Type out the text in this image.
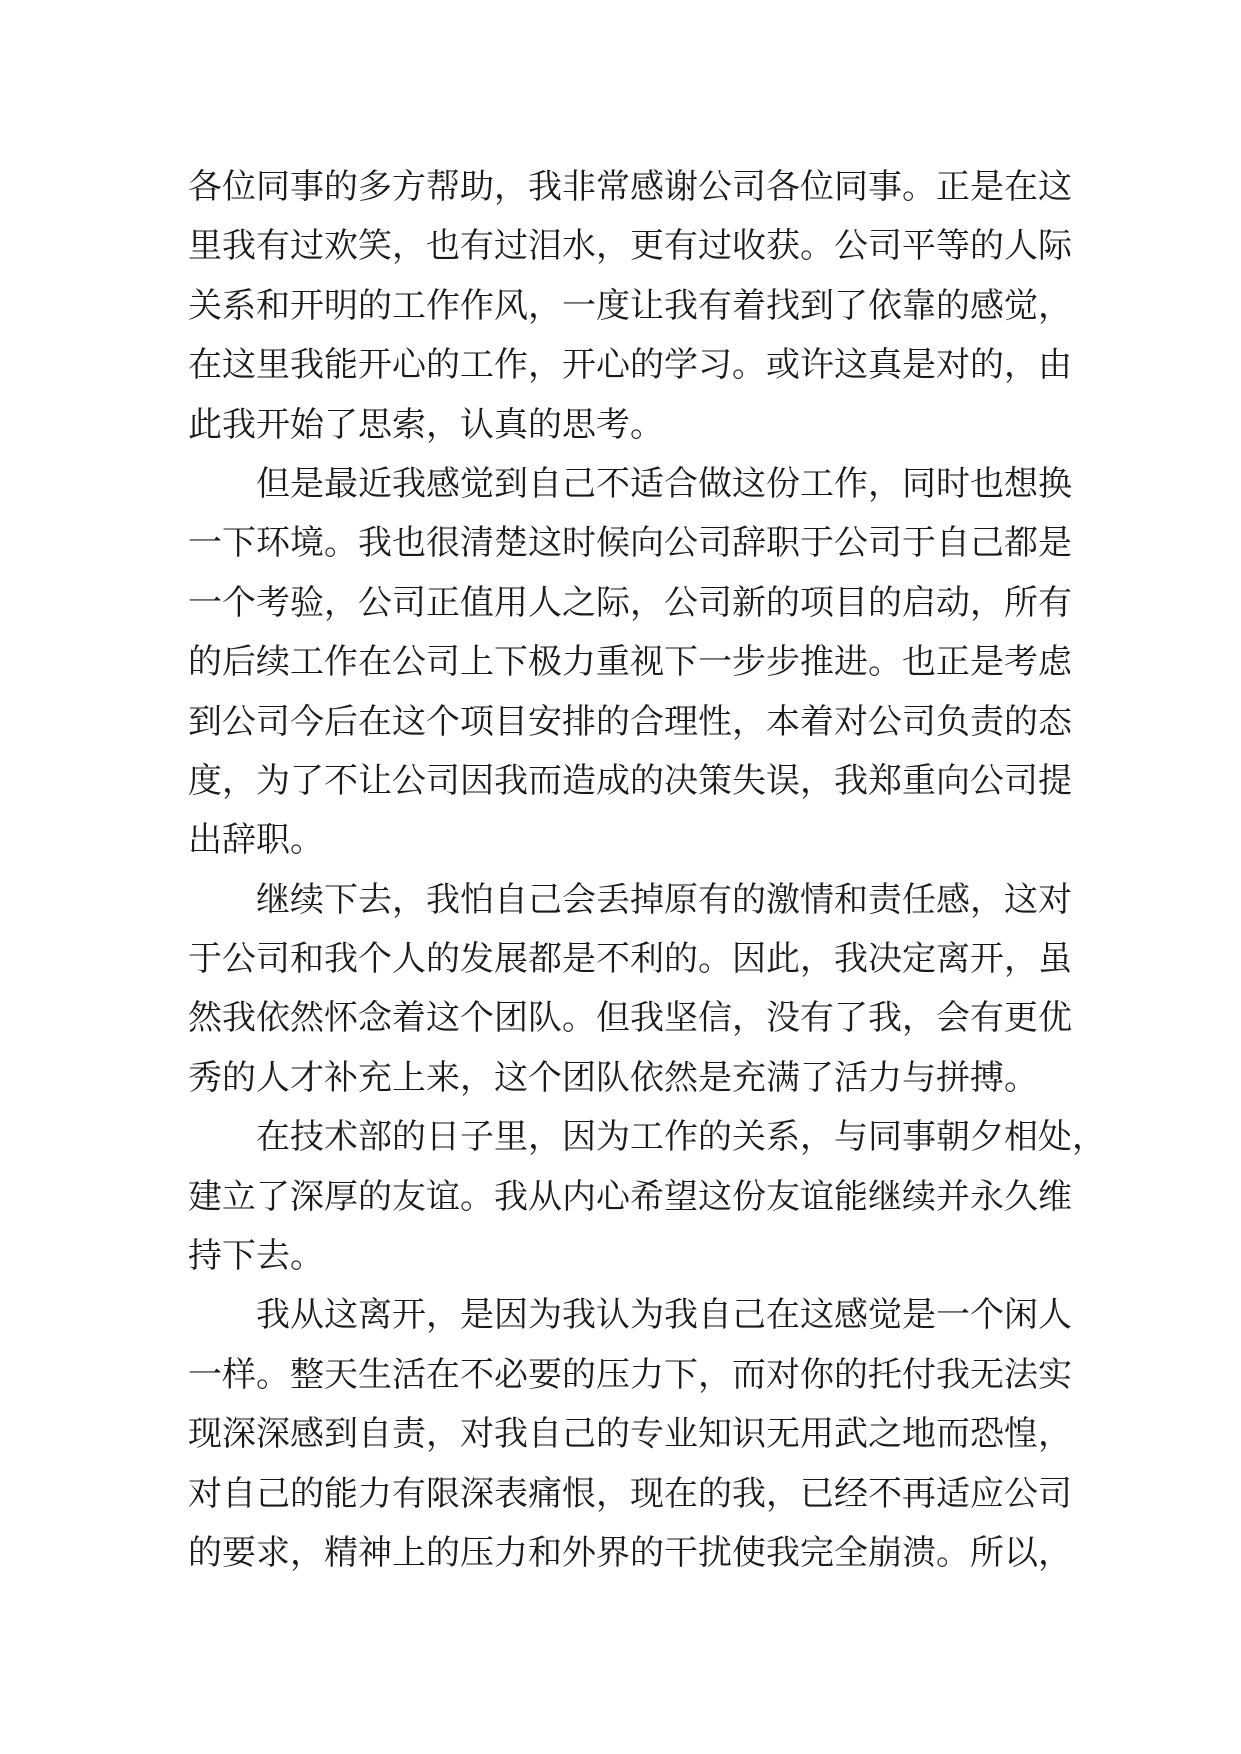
各位同事的多方帮助，我非常感谢公司各位同事。正是在这
里我有过欢笑，也有过泪水，更有过收获。公司平等的人际
关系和开明的工作作风，一度让我有着找到了依靠的感觉，
在这里我能开心的工作，开心的学习。或许这真是对的，由
此我开始了思索，认真的思考。
但是最近我感觉到自己不适合做这份工作，同时也想换
一下环境。我也很清楚这时候向公司辞职于公司于自己都是
一个考验，公司正值用人之际，公司新的项目的启动，所有
的后续工作在公司上下极力重视下一步步推进。也正是考虑
到公司今后在这个项目安排的合理性，本着对公司负责的态
度，为了不让公司因我而造成的决策失误，我郑重向公司提
出辞职。
继续下去，我怕自己会丢掉原有的激情和责任感，这对
于公司和我个人的发展都是不利的。因此，我决定离开，虽
然我依然怀念着这个团队。但我坚信，没有了我，会有更优
秀的人才补充上来，这个团队依然是充满了活力与拼搏。
在技术部的日子里，因为工作的关系，与同事朝夕相处，
建立了深厚的友谊。我从内心希望这份友谊能继续并永久维
持下去。
我从这离开，是因为我认为我自己在这感觉是一个闲人
一样。整天生活在不必要的压力下，而对你的托付我无法实
现深深感到自责，对我自己的专业知识无用武之地而恐惶，
对自己的能力有限深表痛恨，现在的我，已经不再适应公司
的要求，精神上的压力和外界的干扰使我完全崩溃。所以，
